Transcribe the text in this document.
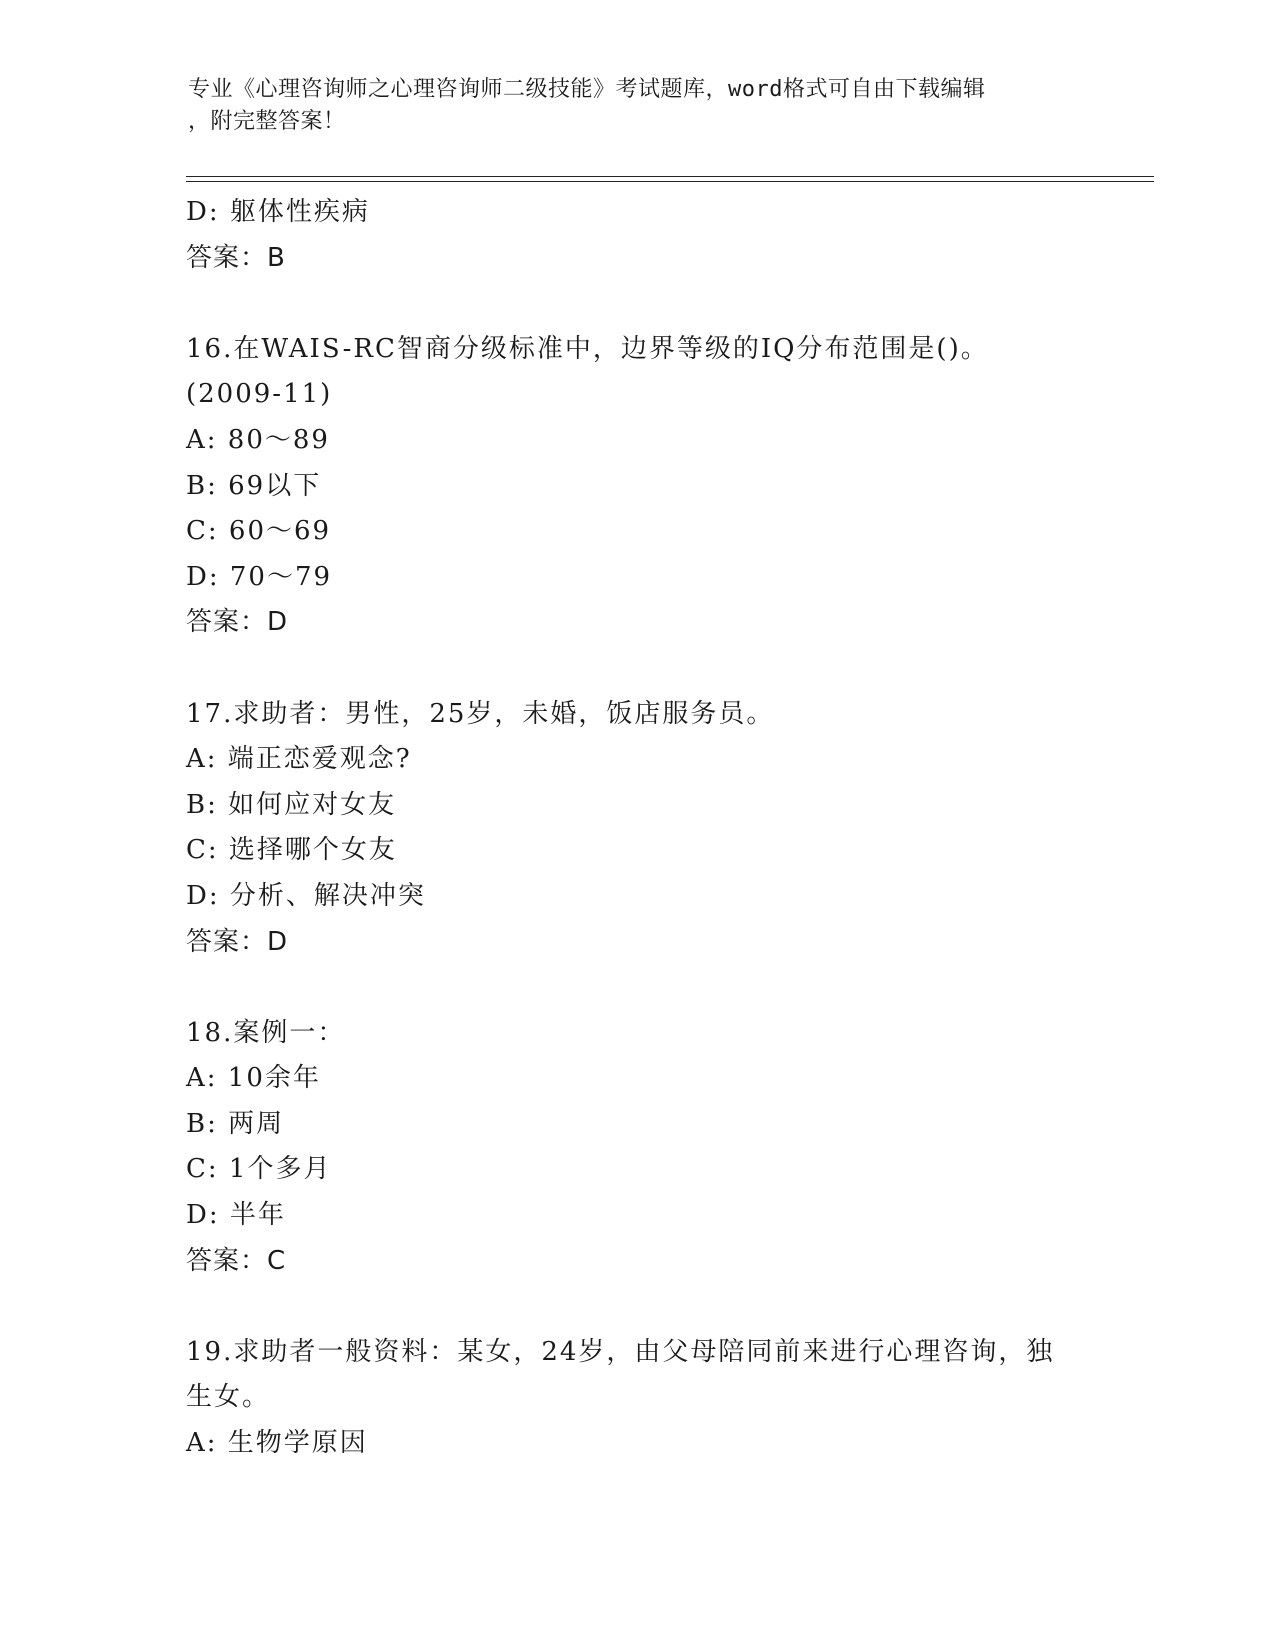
专业《心理咨询师之心理咨询师二级技能》考试题库，word格式可自由下载编辑
，附完整答案！
D: 躯体性疾病
答案：B
16.在WAIS-RC智商分级标准中，边界等级的IQ分布范围是()。
(2009-11)
A: 80～89
B: 69以下
C: 60～69
D: 70～79
答案：D
17.求助者：男性，25岁，未婚，饭店服务员。
A: 端正恋爱观念?
B: 如何应对女友
C: 选择哪个女友
D: 分析、解决冲突
答案：D
18.案例一：
A: 10余年
B: 两周
C: 1个多月
D: 半年
答案：C
19.求助者一般资料：某女，24岁，由父母陪同前来进行心理咨询，独
生女。
A: 生物学原因
